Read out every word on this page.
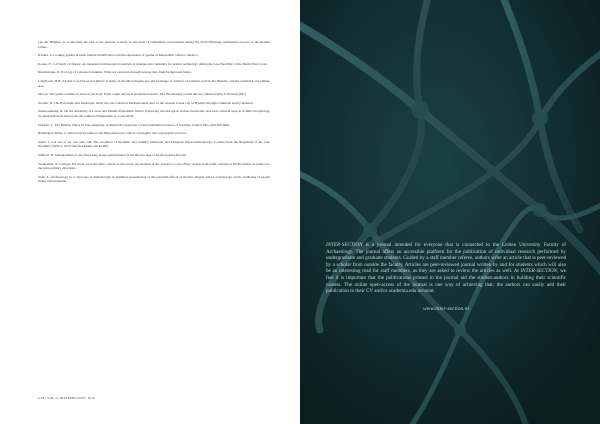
van der Heijden, N. Connecting the past to the present: A study on the level of community involvement during the World Heritage nomination process of the Roman Limes.
Kwikel, S. Looking gender in teeth. Dental modification and the expression of gender at Mesoelithic Oaxaca, Mexico.
Koene, E. J. A Study of change: An integrated technological analysis of changes and continuity in ceramic technology during the Late Neolithic of the Dutch West Coast.
Kurumaniuk, D. Ecology of Lutraeus bruniums. What we can learn through isotope data from background fauna.
Langbroek, M.B. All that is gold does not glitter: A study on the Merovingian use and exchange of artifacts of northern gold in the Rhenlar- and the German Lower Rhine area.
Mol, K. The golfer saddlers in Greece and Italy. Form origin and style in function and in. The 'Etrasilating' period moved ordered (right) to Etrurian (BC).
Nolden, D. The Hyrcanian and landscape. Study into the Classical Mediterranean sites of the Ancient Greek city of Hyettus through commons survey material.
Neeuwenkamp, R. On the suitability of Lower and Middle Palaeolithic lithics. Exploring chronological, techno-functional, and socio-cultural aspects of lithic morphology by using historical tools from the southern Netherlands as a case study.
Pinckett, L. The Bifurna Valley in Late Antiquity. A multiscalar approach to rural settlement patterns of Southern Central Italy (AD 200-600).
Reddington Davis, C. Ritual and its name in the Mesoamerican codices: An inquiry into topographic practice.
Sipila, J. Got out of art, war and cold: The evolution of Neolithic and wealthy behaviour and European Palaeoanthropology. Content from the Beginning of the Late Neolithic (1950 to 1870 and the Danube (40 ka BP).
Steffens, B. Abandonment to use: Exploring house abandonment in the Bronze Age of North-western Europe.
Vernhaelen, N. Cacique. Ha stock cover the time content of the world. An analysis of the Zapotec Cocijo effigy vessels from tomb contexts at Monte Alban, in relation to the prior primary directions.
Venk, L. Archaeology in a cityscape: A methodology in Seminole presentation of the potential effects of ancient religion and its archaeology on the wellbeing of people living with dementia.
p.63 | VOL.11 INTERSECTION | 2016

INTER-SECTION is a journal intended for everyone that is connected to the Leiden University Faculty of Archaeology. The journal offers an accessible platform for the publication of individual research performed by undergraduate and graduate students. Guided by a staff member referee, authors write an article that is peer-reviewed by a scholar from outside the faculty. Articles are peer-reviewed journal written by and for students which will also be an interesting read for staff members, as they are asked to review the articles as well. At INTER-SECTION, we feel it is important that the publications printed in the journal aid the student-authors in building their scientific careers. The online open-access of the journal is one way of achieving that; the authors can easily add their publication to their CV and/or academia.edu account.

www.inter-section.nl
